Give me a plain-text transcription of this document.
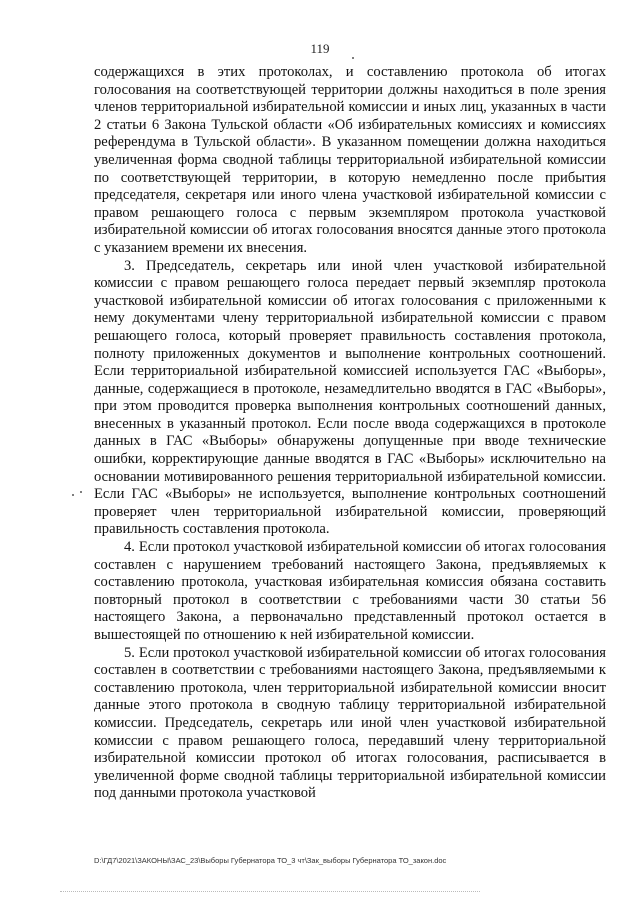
119

содержащихся в этих протоколах, и составлению протокола об итогах голосования на соответствующей территории должны находиться в поле зрения членов территориальной избирательной комиссии и иных лиц, указанных в части 2 статьи 6 Закона Тульской области «Об избирательных комиссиях и комиссиях референдума в Тульской области». В указанном помещении должна находиться увеличенная форма сводной таблицы территориальной избирательной комиссии по соответствующей территории, в которую немедленно после прибытия председателя, секретаря или иного члена участковой избирательной комиссии с правом решающего голоса с первым экземпляром протокола участковой избирательной комиссии об итогах голосования вносятся данные этого протокола с указанием времени их внесения.

3. Председатель, секретарь или иной член участковой избирательной комиссии с правом решающего голоса передает первый экземпляр протокола участковой избирательной комиссии об итогах голосования с приложенными к нему документами члену территориальной избирательной комиссии с правом решающего голоса, который проверяет правильность составления протокола, полноту приложенных документов и выполнение контрольных соотношений. Если территориальной избирательной комиссией используется ГАС «Выборы», данные, содержащиеся в протоколе, незамедлительно вводятся в ГАС «Выборы», при этом проводится проверка выполнения контрольных соотношений данных, внесенных в указанный протокол. Если после ввода содержащихся в протоколе данных в ГАС «Выборы» обнаружены допущенные при вводе технические ошибки, корректирующие данные вводятся в ГАС «Выборы» исключительно на основании мотивированного решения территориальной избирательной комиссии. Если ГАС «Выборы» не используется, выполнение контрольных соотношений проверяет член территориальной избирательной комиссии, проверяющий правильность составления протокола.

4. Если протокол участковой избирательной комиссии об итогах голосования составлен с нарушением требований настоящего Закона, предъявляемых к составлению протокола, участковая избирательная комиссия обязана составить повторный протокол в соответствии с требованиями части 30 статьи 56 настоящего Закона, а первоначально представленный протокол остается в вышестоящей по отношению к ней избирательной комиссии.

5. Если протокол участковой избирательной комиссии об итогах голосования составлен в соответствии с требованиями настоящего Закона, предъявляемыми к составлению протокола, член территориальной избирательной комиссии вносит данные этого протокола в сводную таблицу территориальной избирательной комиссии. Председатель, секретарь или иной член участковой избирательной комиссии с правом решающего голоса, передавший члену территориальной избирательной комиссии протокол об итогах голосования, расписывается в увеличенной форме сводной таблицы территориальной избирательной комиссии под данными протокола участковой

D:\ГД7\2021\ЗАКОНЫ\ЗАС_23\Выборы Губернатора ТО_3 чт\Зак_выборы Губернатора ТО_закон.doc
